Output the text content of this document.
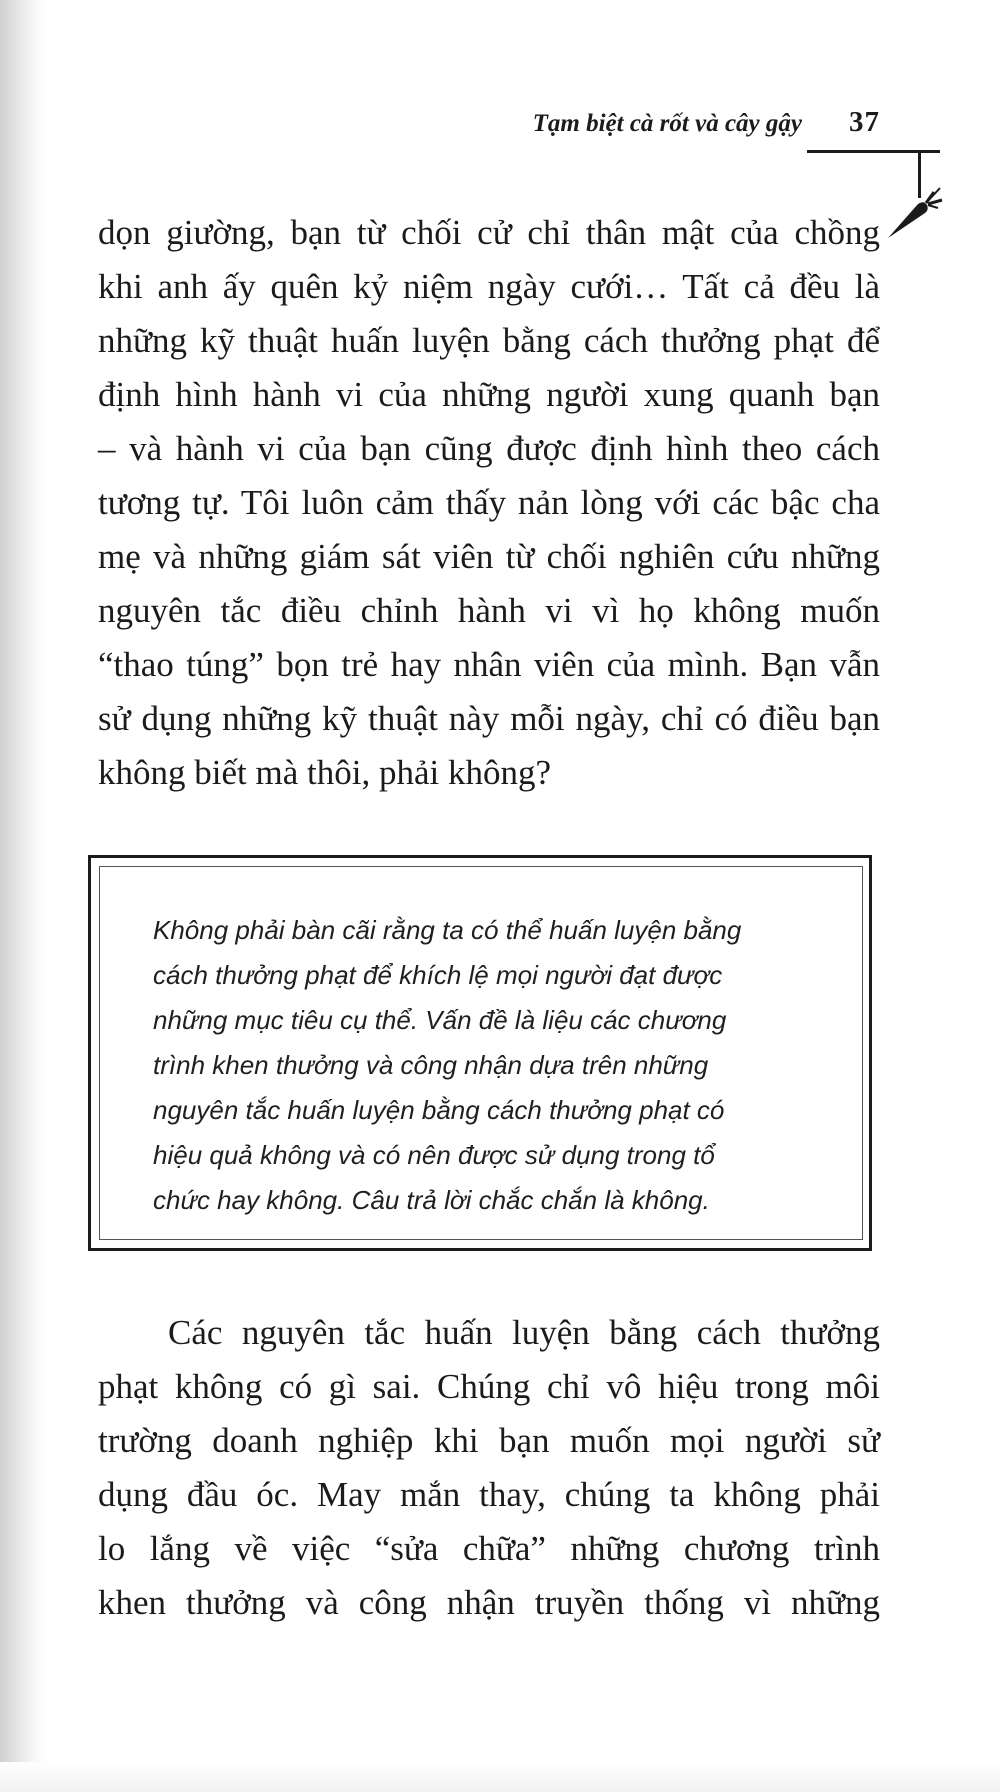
Tạm biệt cà rốt và cây gậy 37
dọn giường, bạn từ chối cử chỉ thân mật của chồng
khi anh ấy quên kỷ niệm ngày cưới… Tất cả đều là
những kỹ thuật huấn luyện bằng cách thưởng phạt để
định hình hành vi của những người xung quanh bạn
– và hành vi của bạn cũng được định hình theo cách
tương tự. Tôi luôn cảm thấy nản lòng với các bậc cha
mẹ và những giám sát viên từ chối nghiên cứu những
nguyên tắc điều chỉnh hành vi vì họ không muốn
“thao túng” bọn trẻ hay nhân viên của mình. Bạn vẫn
sử dụng những kỹ thuật này mỗi ngày, chỉ có điều bạn
không biết mà thôi, phải không?
Không phải bàn cãi rằng ta có thể huấn luyện bằng
cách thưởng phạt để khích lệ mọi người đạt được
những mục tiêu cụ thể. Vấn đề là liệu các chương
trình khen thưởng và công nhận dựa trên những
nguyên tắc huấn luyện bằng cách thưởng phạt có
hiệu quả không và có nên được sử dụng trong tổ
chức hay không. Câu trả lời chắc chắn là không.
Các nguyên tắc huấn luyện bằng cách thưởng
phạt không có gì sai. Chúng chỉ vô hiệu trong môi
trường doanh nghiệp khi bạn muốn mọi người sử
dụng đầu óc. May mắn thay, chúng ta không phải
lo lắng về việc “sửa chữa” những chương trình
khen thưởng và công nhận truyền thống vì những
